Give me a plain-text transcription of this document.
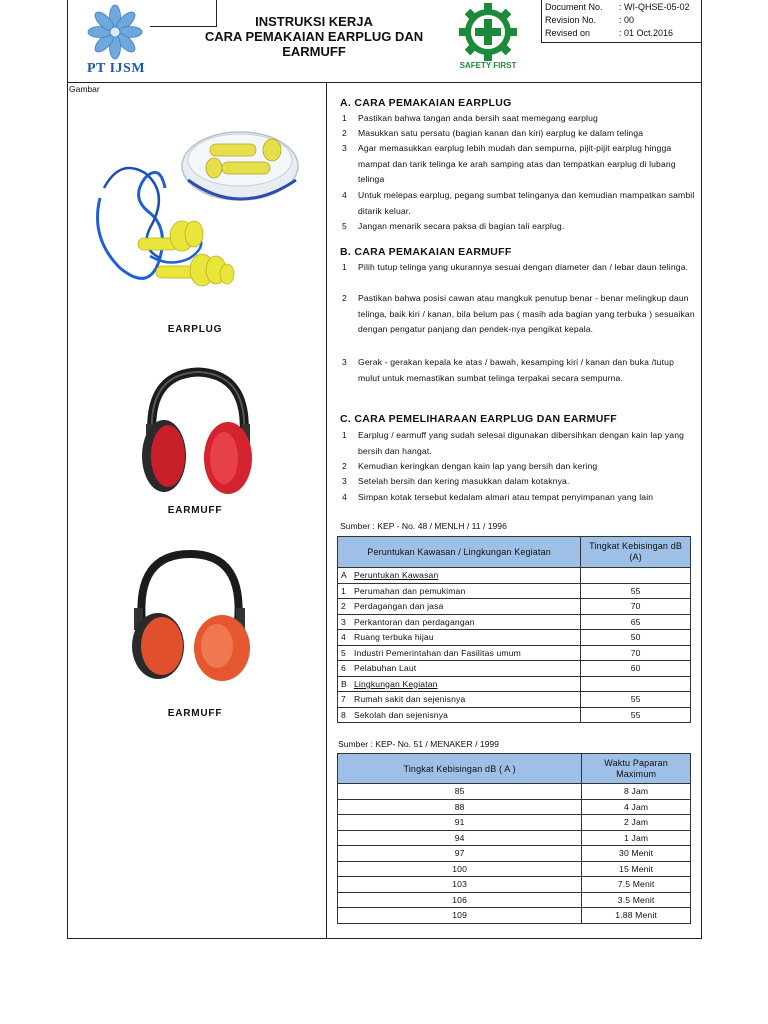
PT IJSM
INSTRUKSI KERJA
CARA PEMAKAIAN EARPLUG DAN
EARMUFF
SAFETY FIRST
Document No. : WI-QHSE-05-02
Revision No.	: 00
Revised on	: 01 Oct.2016
Gambar
EARPLUG
EARMUFF
EARMUFF
A. CARA PEMAKAIAN EARPLUG
1	Pastikan bahwa tangan anda bersih saat memegang earplug
2	Masukkan satu persatu (bagian kanan dan kiri) earplug ke dalam telinga
3	Agar memasukkan earplug lebih mudah dan sempurna, pijit-pijit earplug hingga mampat dan tarik telinga ke arah samping atas dan tempatkan earplug di lubang telinga
4	Untuk melepas earplug, pegang sumbat telinganya dan kemudian mampatkan sambil ditarik keluar.
5	Jangan menarik secara paksa di bagian tali earplug.
B. CARA PEMAKAIAN EARMUFF
1	Pilih tutup telinga yang ukurannya sesuai dengan diameter dan / lebar daun telinga.
2	Pastikan bahwa posisi cawan atau mangkuk penutup benar - benar melingkup daun telinga, baik kiri / kanan, bila belum pas ( masih ada bagian yang terbuka ) sesuaikan dengan pengatur panjang dan pendek-nya pengikat kepala.
3	Gerak - gerakan kepala ke atas / bawah, kesamping kiri / kanan dan buka /tutup mulut untuk memastikan sumbat telinga terpakai secara sempurna.
C. CARA PEMELIHARAAN EARPLUG DAN EARMUFF
1	Earplug / earmuff yang sudah selesai digunakan dibersihkan dengan kain lap yang bersih dan hangat.
2	Kemudian keringkan dengan kain lap yang bersih dan kering
3	Setelah bersih dan kering masukkan dalam kotaknya.
4	Simpan kotak tersebut kedalam almari atau tempat penyimpanan yang lain
Sumber : KEP - No. 48 / MENLH / 11 / 1996
Peruntukan Kawasan / Lingkungan Kegiatan	Tingkat Kebisingan dB (A)
A Peruntukan Kawasan	
1 Perumahan dan pemukiman	55
2 Perdagangan dan jasa	70
3 Perkantoran dan perdagangan	65
4 Ruang terbuka hijau	50
5 Industri Pemerintahan dan Fasilitas umum	70
6 Pelabuhan Laut	60
B Lingkungan Kegiatan	
7 Rumah sakit dan sejenisnya	55
8 Sekolah dan sejenisnya	55
Sumber : KEP- No. 51 / MENAKER / 1999
Tingkat Kebisingan dB ( A )	Waktu Paparan Maximum
85	8 Jam
88	4 Jam
91	2 Jam
94	1 Jam
97	30 Menit
100	15 Menit
103	7.5 Menit
106	3.5 Menit
109	1.88 Menit
